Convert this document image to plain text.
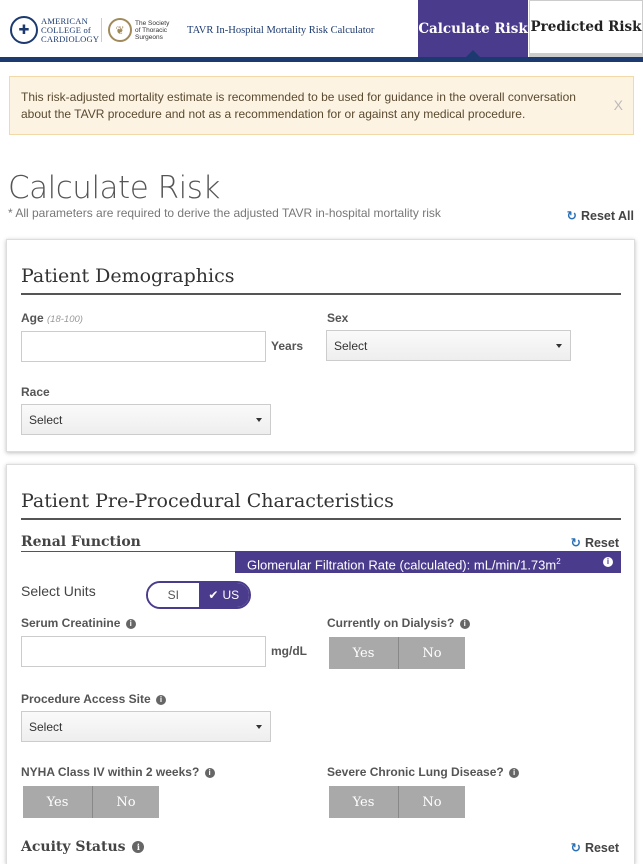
✚
AMERICAN COLLEGE of CARDIOLOGY
❦
The Society of Thoracic Surgeons
TAVR In-Hospital Mortality Risk Calculator	Calculate Risk Predicted Risk
This risk-adjusted mortality estimate is recommended to be used for guidance in the overall conversation about the TAVR procedure and not as a recommendation for or against any medical procedure.
X
Calculate Risk
* All parameters are required to derive the adjusted TAVR in-hospital mortality risk	↻ Reset All
Patient Demographics
Age (18-100)
Years
Sex
Select
Race
Select
Patient Pre-Procedural Characteristics
Renal Function	↻ Reset
Glomerular Filtration Rate (calculated): $mL/\min/1.73m^2$	i
Select Units	SI	✔ US
Serum Creatinine i
mg/dL
Currently on Dialysis? i
Yes	No
Procedure Access Site i
Select
NYHA Class IV within 2 weeks? i
Yes	No
Severe Chronic Lung Disease? i
Yes	No
Acuity Status i	↻ Reset
